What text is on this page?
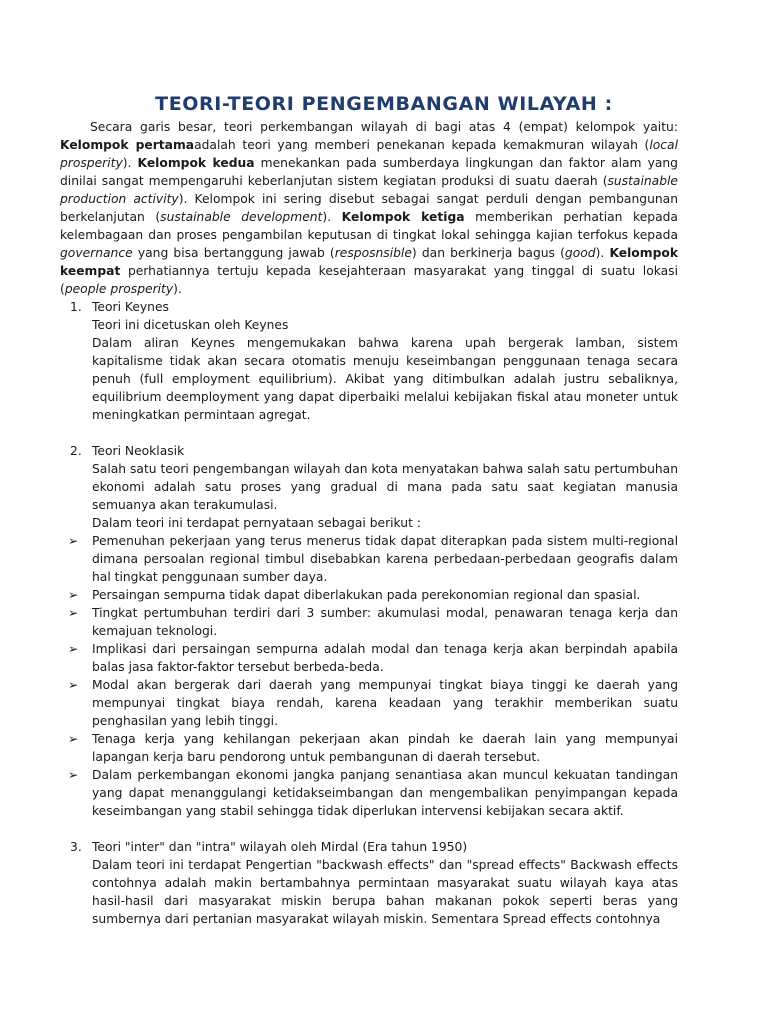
TEORI-TEORI PENGEMBANGAN WILAYAH :

Secara garis besar, teori perkembangan wilayah di bagi atas 4 (empat) kelompok yaitu: Kelompok pertamaadalah teori yang memberi penekanan kepada kemakmuran wilayah (local prosperity). Kelompok kedua menekankan pada sumberdaya lingkungan dan faktor alam yang dinilai sangat mempengaruhi keberlanjutan sistem kegiatan produksi di suatu daerah (sustainable production activity). Kelompok ini sering disebut sebagai sangat perduli dengan pembangunan berkelanjutan (sustainable development). Kelompok ketiga memberikan perhatian kepada kelembagaan dan proses pengambilan keputusan di tingkat lokal sehingga kajian terfokus kepada governance yang bisa bertanggung jawab (resposnsible) dan berkinerja bagus (good). Kelompok keempat perhatiannya tertuju kepada kesejahteraan masyarakat yang tinggal di suatu lokasi (people prosperity).

1. Teori Keynes

Teori ini dicetuskan oleh Keynes

Dalam aliran Keynes mengemukakan bahwa karena upah bergerak lamban, sistem kapitalisme tidak akan secara otomatis menuju keseimbangan penggunaan tenaga secara penuh (full employment equilibrium). Akibat yang ditimbulkan adalah justru sebaliknya, equilibrium deemployment yang dapat diperbaiki melalui kebijakan fiskal atau moneter untuk meningkatkan permintaan agregat.

2. Teori Neoklasik

Salah satu teori pengembangan wilayah dan kota menyatakan bahwa salah satu pertumbuhan ekonomi adalah satu proses yang gradual di mana pada satu saat kegiatan manusia semuanya akan terakumulasi.

Dalam teori ini terdapat pernyataan sebagai berikut :

➢ Pemenuhan pekerjaan yang terus menerus tidak dapat diterapkan pada sistem multi-regional dimana persoalan regional timbul disebabkan karena perbedaan-perbedaan geografis dalam hal tingkat penggunaan sumber daya.

➢ Persaingan sempurna tidak dapat diberlakukan pada perekonomian regional dan spasial.

➢ Tingkat pertumbuhan terdiri dari 3 sumber: akumulasi modal, penawaran tenaga kerja dan kemajuan teknologi.

➢ Implikasi dari persaingan sempurna adalah modal dan tenaga kerja akan berpindah apabila balas jasa faktor-faktor tersebut berbeda-beda.

➢ Modal akan bergerak dari daerah yang mempunyai tingkat biaya tinggi ke daerah yang mempunyai tingkat biaya rendah, karena keadaan yang terakhir memberikan suatu penghasilan yang lebih tinggi.

➢ Tenaga kerja yang kehilangan pekerjaan akan pindah ke daerah lain yang mempunyai lapangan kerja baru pendorong untuk pembangunan di daerah tersebut.

➢ Dalam perkembangan ekonomi jangka panjang senantiasa akan muncul kekuatan tandingan yang dapat menanggulangi ketidakseimbangan dan mengembalikan penyimpangan kepada keseimbangan yang stabil sehingga tidak diperlukan intervensi kebijakan secara aktif.

3. Teori "inter" dan "intra" wilayah oleh Mirdal (Era tahun 1950)

Dalam teori ini terdapat Pengertian "backwash effects" dan "spread effects" Backwash effects contohnya adalah makin bertambahnya permintaan masyarakat suatu wilayah kaya atas hasil-hasil dari masyarakat miskin berupa bahan makanan pokok seperti beras yang sumbernya dari pertanian masyarakat wilayah miskin. Sementara Spread effects contohnya
